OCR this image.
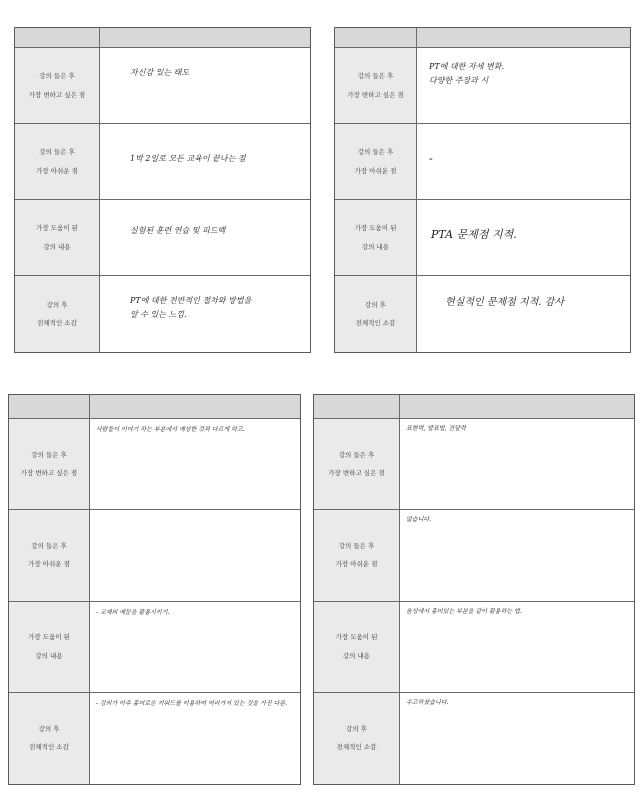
강의 들은 후
가장 변하고 싶은 점
자신감 있는 태도
강의 들은 후
가장 아쉬운 점
1박 2일로 모든 교육이 끝나는 점
가장 도움이 된
강의 내용
실험된 훈련 연습 및 피드백
강의 후
전체적인 소감
PT에 대한 전반적인 절차와 방법을
알 수 있는 느낌.
강의 들은 후
가장 변하고 싶은 점
PT에 대한 자세 변화.
다양한 주장과 시
강의 들은 후
가장 아쉬운 점
-
가장 도움이 된
강의 내용
PTA 문제점 지적.
강의 후
전체적인 소감
현실적인 문제점 지적. 감사
강의 들은 후
가장 변하고 싶은 점
사람들이 이야기 하는 부분에서 예상한 것과 다르게 하고.
강의 들은 후
가장 아쉬운 점
가장 도움이 된
강의 내용
- 교재의 예문을 활용시키기.
강의 후
전체적인 소감
- 강의가 아주 흥미로운 키워드를 이용하여 여러가지 있는 것을 가진 다른.
강의 들은 후
가장 변하고 싶은 점
표현력, 발표법, 전달력
강의 들은 후
가장 아쉬운 점
없습니다.
가장 도움이 된
강의 내용
음성에서 흥미있는 부분을 같이 활용하는 법.
강의 후
전체적인 소감
수고하셨습니다.
